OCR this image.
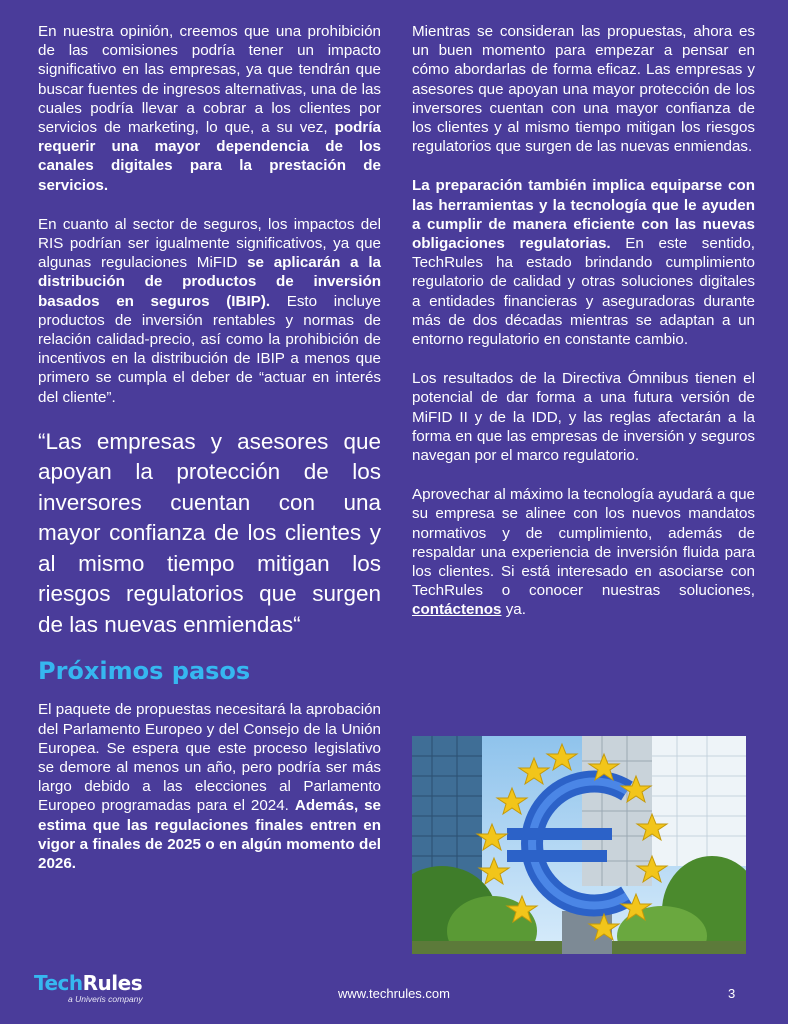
En nuestra opinión, creemos que una prohibición de las comisiones podría tener un impacto significativo en las empresas, ya que tendrán que buscar fuentes de ingresos alternativas, una de las cuales podría llevar a cobrar a los clientes por servicios de marketing, lo que, a su vez, podría requerir una mayor dependencia de los canales digitales para la prestación de servicios.

En cuanto al sector de seguros, los impactos del RIS podrían ser igualmente significativos, ya que algunas regulaciones MiFID se aplicarán a la distribución de productos de inversión basados en seguros (IBIP). Esto incluye productos de inversión rentables y normas de relación calidad-precio, así como la prohibición de incentivos en la distribución de IBIP a menos que primero se cumpla el deber de “actuar en interés del cliente”.

“Las empresas y asesores que apoyan la protección de los inversores cuentan con una mayor confianza de los clientes y al mismo tiempo mitigan los riesgos regulatorios que surgen de las nuevas enmiendas“
Próximos pasos

El paquete de propuestas necesitará la aprobación del Parlamento Europeo y del Consejo de la Unión Europea. Se espera que este proceso legislativo se demore al menos un año, pero podría ser más largo debido a las elecciones al Parlamento Europeo programadas para el 2024. Además, se estima que las regulaciones finales entren en vigor a finales de 2025 o en algún momento del 2026.

Mientras se consideran las propuestas, ahora es un buen momento para empezar a pensar en cómo abordarlas de forma eficaz. Las empresas y asesores que apoyan una mayor protección de los inversores cuentan con una mayor confianza de los clientes y al mismo tiempo mitigan los riesgos regulatorios que surgen de las nuevas enmiendas.

La preparación también implica equiparse con las herramientas y la tecnología que le ayuden a cumplir de manera eficiente con las nuevas obligaciones regulatorias. En este sentido, TechRules ha estado brindando cumplimiento regulatorio de calidad y otras soluciones digitales a entidades financieras y aseguradoras durante más de dos décadas mientras se adaptan a un entorno regulatorio en constante cambio.

Los resultados de la Directiva Ómnibus tienen el potencial de dar forma a una futura versión de MiFID II y de la IDD, y las reglas afectarán a la forma en que las empresas de inversión y seguros navegan por el marco regulatorio.

Aprovechar al máximo la tecnología ayudará a que su empresa se alinee con los nuevos mandatos normativos y de cumplimiento, además de respaldar una experiencia de inversión fluida para los clientes. Si está interesado en asociarse con TechRules o conocer nuestras soluciones, contáctenos ya.

TechRules
a Univeris company	www.techrules.com	3
